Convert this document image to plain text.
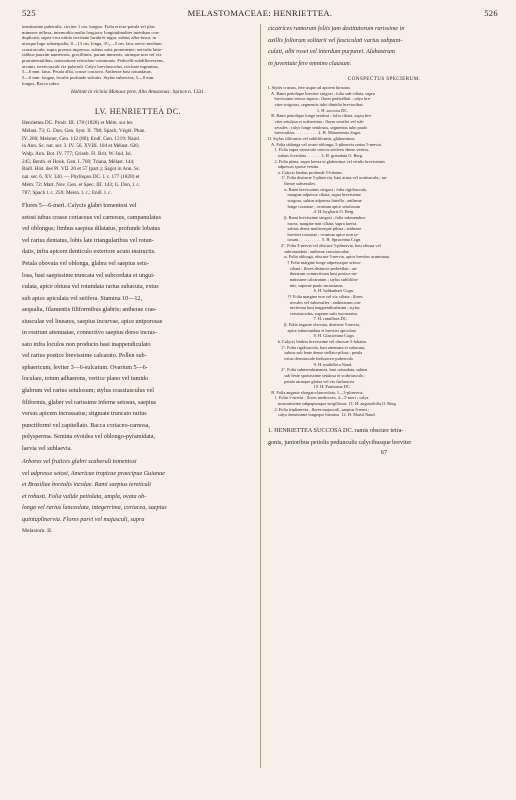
525	MELASTOMACEAE: HENRIETTEA.	526
teantiusime puberulis, circiter 1 cm. longiss. Folia erecto-patula vel plus
minusve reflexa, internodiis multo longiora, longitudinaliter interdum con-
duplicata, supra viva nitida sicciitate lurida et nigra, subtus alba-fusca, in
utroque lugo subaequalia, 8—13 cm. longa, 3¹/₂—5 cm. lata; nervo medium
crassiusculo, supra prorsus impresso, subtus satis prominente; nervulis latio-
ralibus pauxim numerosis, gracillimis, parum inmersis, utrinque non vel vix
prominentulibus, transiatione reticulato-communis. Pedicelli subdillorescens,
arcunti, tereticusculi vix puberuli. Calyx breviinsculus, circitate tugrinitus,
5—6 mm. latus. Petala alba, crasse coriacea. Antherae basi rotundatae,
5—6 mm. longae, loculis profunde sulcatis. Stylus subrectus, 5—8 mm.
longus. Bacca rubra.
Habitat in vicinia Manaos prov. Alto Amazonas: Spruce n. 1331.
LV. HENRIETTEA DC.
Henriettea DC. Prodr. III. 178 (1828) et Mém. sur les
Mélast. 73; G. Don, Gen. Syst. II. 798; Spach, Végét. Phan.
IV. 260; Meisner, Gen. 112 (80); Endl. Gen. 1219; Naud.
in Ann. Sc. nat. ser. 3. IV. 56, XVIII. 104 et Mélast. 626;
Walp. Ann. Bot. IV. 777; Griseb. Fl. Brit. W.-Ind. Isl.
245; Benth. et Hook. Gen. I. 768; Triana, Mélast. 144;
Baill. Hist. des Pl. VII. 20 et 57 (part.); Sagot in Ann. Sc.
nat. ser. 6. XV. 330. — Phyllopus DC. l. c. 177 (1828) et
Mém. 72; Mart. Nov. Gen. et Spec. III. 143; G. Don, l. c.
787; Spach l. c. 259; Meisn. l. c.; Endl. l. c.
Flores 5—6-meri. Calycis glabri tomentosi vel
setosi tubus crasse coriaceus vel carnosus, campanulatus
vel oblongus; limbus saepius dilatatus, profunde lobatus
vel rarius dentatus, lobis late triangularibus vel rotun-
datis, infra apicem denticulo exteriore acuto instructis.
Petala obovata vel oblonga, glabra vel saepius setu-
losa, basi saepissime truncata vel subcordata et ungui-
culata, apice obtusa vel rotundata rarius subacuta, extus
sub apice apiculata vel setifera. Stamina 10—12,
aequalia, filamentis filiformibus glabris; antherae cras-
siusculae vel lineares, saepius incurvae, apice uniporosae
in rostrum attenuatae, connectivo saepius dorso incras-
sato infra loculos non producto basi inappendiculato
vel rarius postice brevissime calcarato. Pollen sub-
sphaericum, leviter 3—6-sulcatum. Ovarium 5—6-
loculare, totum adhaerens, vertice plano vel tumido
glabrum vel rarius setulosum; stylus crassiusculus vel
filiformis, glaber vel rarissime inferne setosus, saepius
versus apicem incrassatus; stigmate truncato rarius
punctiformi vel capitellato. Bacca coriaceo-carnosa,
polysperma. Semina ovoidea vel oblongo-pyramidata,
laevia vel sublaevia.
Arbores vel frutices glabri scaberuli tomentosi
vel adpresse setosi, Americae tropicae praecipue Guianae
et Brasiliae borealis incolae. Rami saepius tereticuli
et robusti. Folia valide petiolata, ampla, ovata ob-
longa vel rarius lanceolata, integerrima, coriacea, saepius
quintuplinervia. Flores parvi vel majusculi, supra
Melastom. II.
cicatrices ramorum foliis jam destitutorum rarissime in
axillis foliorum solitarii vel fasciculati varius subpani-
culati, albi rosei vel interdum purpurei. Alabastrum
in juventute fere omnino clausum.
CONSPECTUS SPECIERUM.
I. Styles crassus, fere usque ad apicem hirsutus.
A. Rami petiolique breviter strigosi ; folia sub-ciliata, supra
brevissime setoso-aspera ; flores pedicellati ; calyx bre-
viter strigosus, segmentis tubo dimidio brevioribus
1. H. succosa DC.
B. Rami petiolique longe setulosi ; folia ciliata, supra bre-
viter setulosa et scaberrima ; flores sessiles vel sub-
sessiles ; calyx longe setulosus, segmentis tubo paulo
brevioribus . . . . . . . . . .  2. H. Maroniensis Sagot.
II. Stylus filiformis vel subfiliformis, glaberrimus.
A. Folia oblonga vel ovato-oblonga, 5-plinervia rarius 5-nervia.
1. Folia supra verruculo conicis setiferis dense vestita,
subtus foveolata . . . . . .  3. H. granulata O. Berg.
2. Folia plana, supra laevia et glaberrima vel setulis brevissimis
adpressis sparse vestita.
a. Calycis limbus profunde 5-lobatus.
1°. Folia distincte 5-plinervia, basi acuta vel acutiuscula ; an-
therae subsessiles.
α. Rami brevissimis strigosi ; folia rigidiuscula,
margine adpresse ciliata, supra brevissime
strigosa, subtus adpresse hirtella ; antherae
longe rostratae ; ovarium apice setulosum
4. H. hygliaris O. Berg.
β. Rami brevissime strigosi ; folia submembra-
nacea, margine non ciliata, supra laevia,
subtus dense multiverque pilosa ; antherae
breviter rostratae ; ovarium apice non se-
tosum . . . . . . . . . .  5. H. Spruceana Cogn.
2°. Folia 3-nervia vel obscure 5-plinervia, basi obtusa vel
subrotundata ; antherae crassiusculae.
α. Folia oblonga, obscure 5-nervia, apice breviter acuminata.
† Folia margine longe adpresseque setoso-
ciliata ; flores distincte pedicellati ; an-
therarum connectivum basi postice mi-
nutissime calcaratum ; stylus subfilifor-
mis, superne paulo incrassatus
6. H. Saldanhaei Cogn.
†† Folia margine non vel vix ciliata ; flores
sessiles vel subsessiles ; antherarum con-
nectivum basi inappendiculatum ; stylus
crassiusculus, superne satis incrassatus
7. H. ramiflora DC.
β. Folia anguste obovata, distincte 5-nervia,
apice subrotundata et breviter apiculata
8. H. Glaziovana Cogn.
b. Calycis limbus brevissime vel obscure 5-lobatus.
1°. Folia rigidiuscula, basi attenuata et subacuta,
subtus sub lente dense stellato-pilosa ; petala
extus densiuscule furfuraceo-pubescula
9. H. multiflora Naud.
2°. Folia submembranacea, basi rotundata, subtus
sub lente sparsissime setulosa et scabriuscula ;
petala utrinque glabra vel vix furfuracea
10. H. Patrisiana DC.
B. Folia anguste elongato-lanceolata, 1—3-plinervia.
1. Folia 1-nervia ; flores mediocres, 4—5-meri ; calyx
truncatissime subpapuruque strigillosus  11. H. angustifolia O. Berg.
2. Folia triplinervia ; flores majusculi, saepius 6-meri ;
calyx densissime longeque hirsutus  12. H. Martii Naud.
1. HENRIETTEA SUCCOSA DC. ramis obscure tetra-
gonis, junioribus petiolis pedunculis calycibusque breviter
67
